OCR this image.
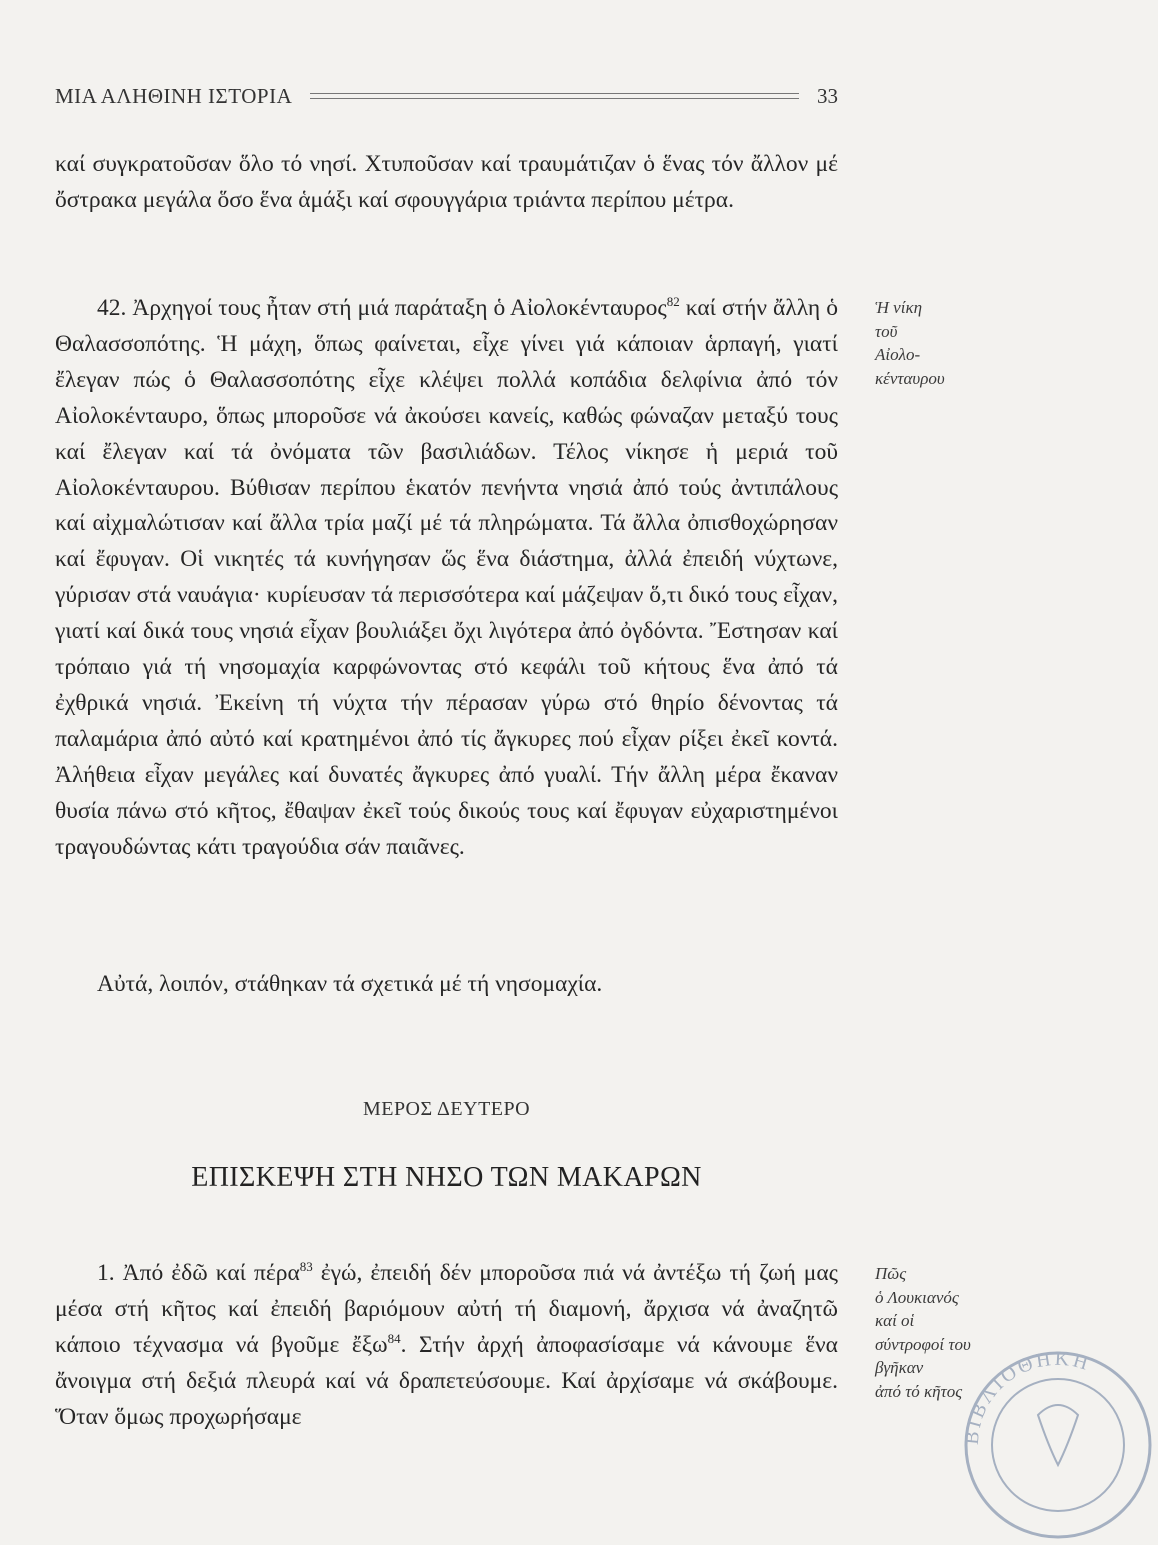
ΜΙΑ ΑΛΗΘΙΝΗ ΙΣΤΟΡΙΑ	33

καί συγκρατοῦσαν ὅλο τό νησί. Χτυποῦσαν καί τραυμάτιζαν ὁ ἕνας τόν ἄλλον μέ ὄστρακα μεγάλα ὅσο ἕνα ἁμάξι καί σφουγγάρια τριάντα περίπου μέτρα.

42. Ἀρχηγοί τους ἦταν στή μιά παράταξη ὁ Αἰολοκένταυρος$^{82}$ καί στήν ἄλλη ὁ Θαλασσοπότης. Ἡ μάχη, ὅπως φαίνεται, εἶχε γίνει γιά κάποιαν ἁρπαγή, γιατί ἔλεγαν πώς ὁ Θαλασσοπότης εἶχε κλέψει πολλά κοπάδια δελφίνια ἀπό τόν Αἰολοκένταυρο, ὅπως μποροῦσε νά ἀκούσει κανείς, καθώς φώναζαν μεταξύ τους καί ἔλεγαν καί τά ὀνόματα τῶν βασιλιάδων. Τέλος νίκησε ἡ μεριά τοῦ Αἰολοκένταυρου. Βύθισαν περίπου ἑκατόν πενήντα νησιά ἀπό τούς ἀντιπάλους καί αἰχμαλώτισαν καί ἄλλα τρία μαζί μέ τά πληρώματα. Τά ἄλλα ὀπισθοχώρησαν καί ἔφυγαν. Οἱ νικητές τά κυνήγησαν ὥς ἕνα διάστημα, ἀλλά ἐπειδή νύχτωνε, γύρισαν στά ναυάγια· κυρίευσαν τά περισσότερα καί μάζεψαν ὅ,τι δικό τους εἶχαν, γιατί καί δικά τους νησιά εἶχαν βουλιάξει ὄχι λιγότερα ἀπό ὀγδόντα. Ἔστησαν καί τρόπαιο γιά τή νησομαχία καρφώνοντας στό κεφάλι τοῦ κήτους ἕνα ἀπό τά ἐχθρικά νησιά. Ἐκείνη τή νύχτα τήν πέρασαν γύρω στό θηρίο δένοντας τά παλαμάρια ἀπό αὐτό καί κρατημένοι ἀπό τίς ἄγκυρες πού εἶχαν ρίξει ἐκεῖ κοντά. Ἀλήθεια εἶχαν μεγάλες καί δυνατές ἄγκυρες ἀπό γυαλί. Τήν ἄλλη μέρα ἔκαναν θυσία πάνω στό κῆτος, ἔθαψαν ἐκεῖ τούς δικούς τους καί ἔφυγαν εὐχαριστημένοι τραγουδώντας κάτι τραγούδια σάν παιᾶνες.

Αὐτά, λοιπόν, στάθηκαν τά σχετικά μέ τή νησομαχία.

ΜΕΡΟΣ ΔΕΥΤΕΡΟ
ΕΠΙΣΚΕΨΗ ΣΤΗ ΝΗΣΟ ΤΩΝ ΜΑΚΑΡΩΝ

1. Ἀπό ἐδῶ καί πέρα$^{83}$ ἐγώ, ἐπειδή δέν μποροῦσα πιά νά ἀντέξω τή ζωή μας μέσα στή κῆτος καί ἐπειδή βαριόμουν αὐτή τή διαμονή, ἄρχισα νά ἀναζητῶ κάποιο τέχνασμα νά βγοῦμε ἔξω$^{84}$. Στήν ἀρχή ἀποφασίσαμε νά κάνουμε ἕνα ἄνοιγμα στή δεξιά πλευρά καί νά δραπετεύσουμε. Καί ἀρχίσαμε νά σκάβουμε. Ὅταν ὅμως προχωρήσαμε

Ἡ νίκη
τοῦ
Αἰολο-
κένταυρου
Πῶς
ὁ Λουκιανός
καί οἱ
σύντροφοί του
βγῆκαν
ἀπό τό κῆτος
ΒΙΒΛΙΟΘΗΚΗ
